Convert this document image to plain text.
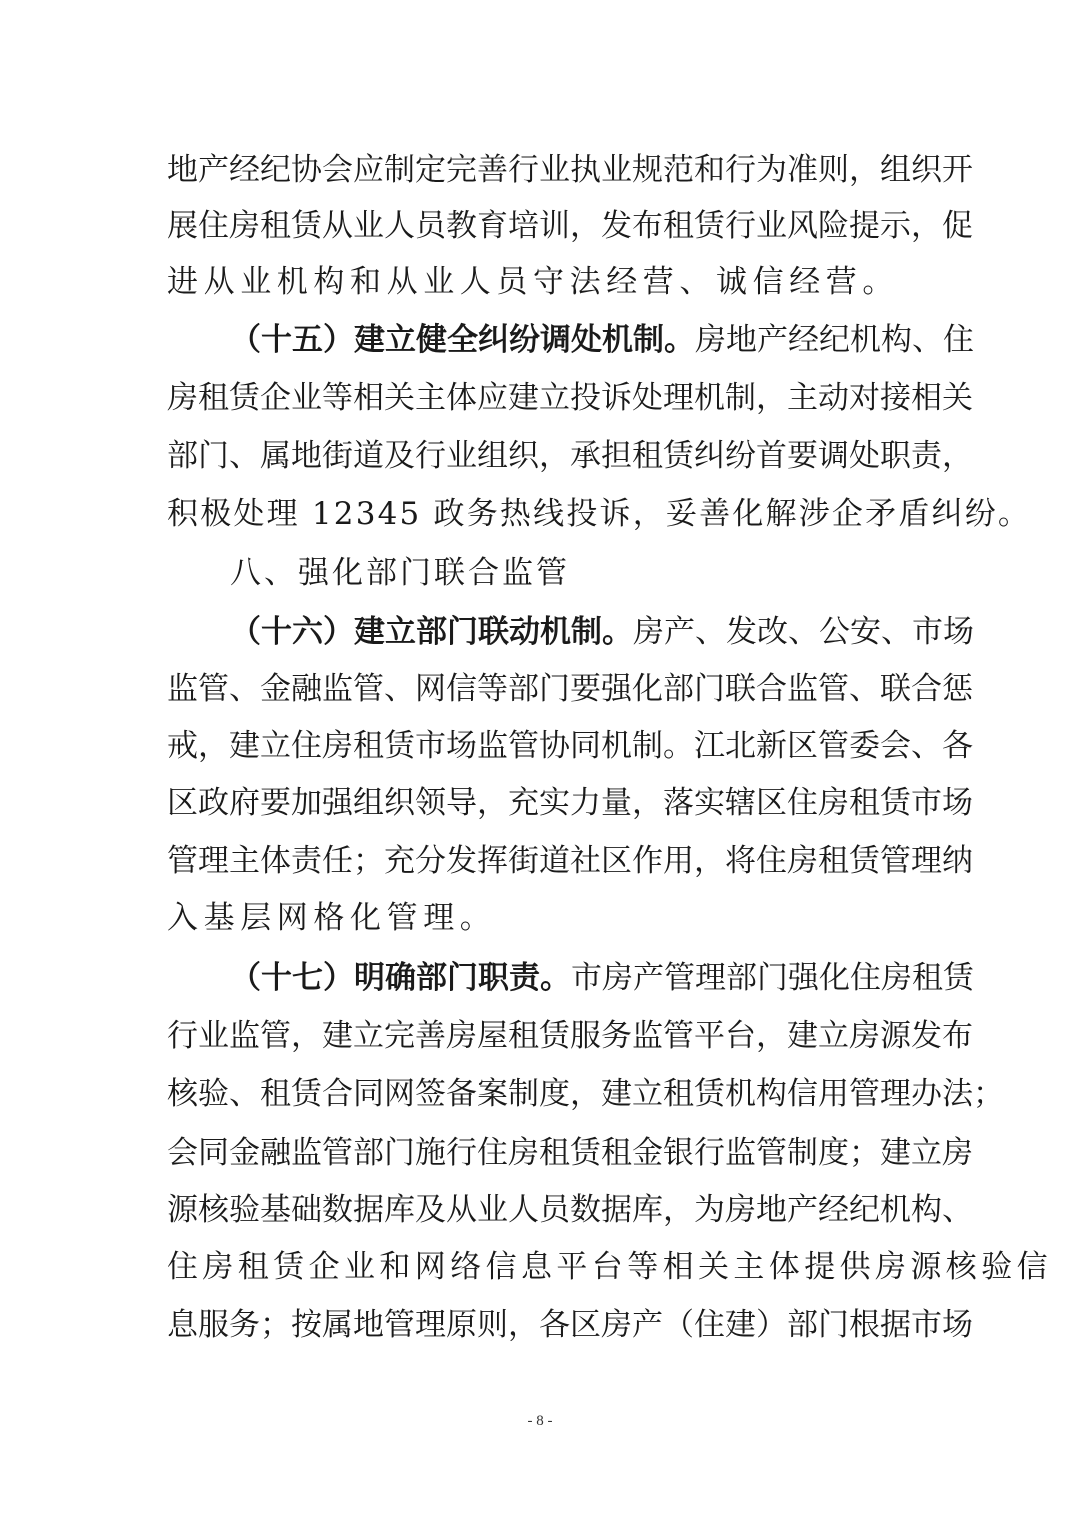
地产经纪协会应制定完善行业执业规范和行为准则，组织开
展住房租赁从业人员教育培训，发布租赁行业风险提示，促
进从业机构和从业人员守法经营、诚信经营。
（十五）建立健全纠纷调处机制。房地产经纪机构、住
房租赁企业等相关主体应建立投诉处理机制，主动对接相关
部门、属地街道及行业组织，承担租赁纠纷首要调处职责，
积极处理 12345 政务热线投诉，妥善化解涉企矛盾纠纷。
八、强化部门联合监管
（十六）建立部门联动机制。房产、发改、公安、市场
监管、金融监管、网信等部门要强化部门联合监管、联合惩
戒，建立住房租赁市场监管协同机制。江北新区管委会、各
区政府要加强组织领导，充实力量，落实辖区住房租赁市场
管理主体责任；充分发挥街道社区作用，将住房租赁管理纳
入基层网格化管理。
（十七）明确部门职责。市房产管理部门强化住房租赁
行业监管，建立完善房屋租赁服务监管平台，建立房源发布
核验、租赁合同网签备案制度，建立租赁机构信用管理办法；
会同金融监管部门施行住房租赁租金银行监管制度；建立房
源核验基础数据库及从业人员数据库，为房地产经纪机构、
住房租赁企业和网络信息平台等相关主体提供房源核验信
息服务；按属地管理原则，各区房产（住建）部门根据市场
- 8 -
